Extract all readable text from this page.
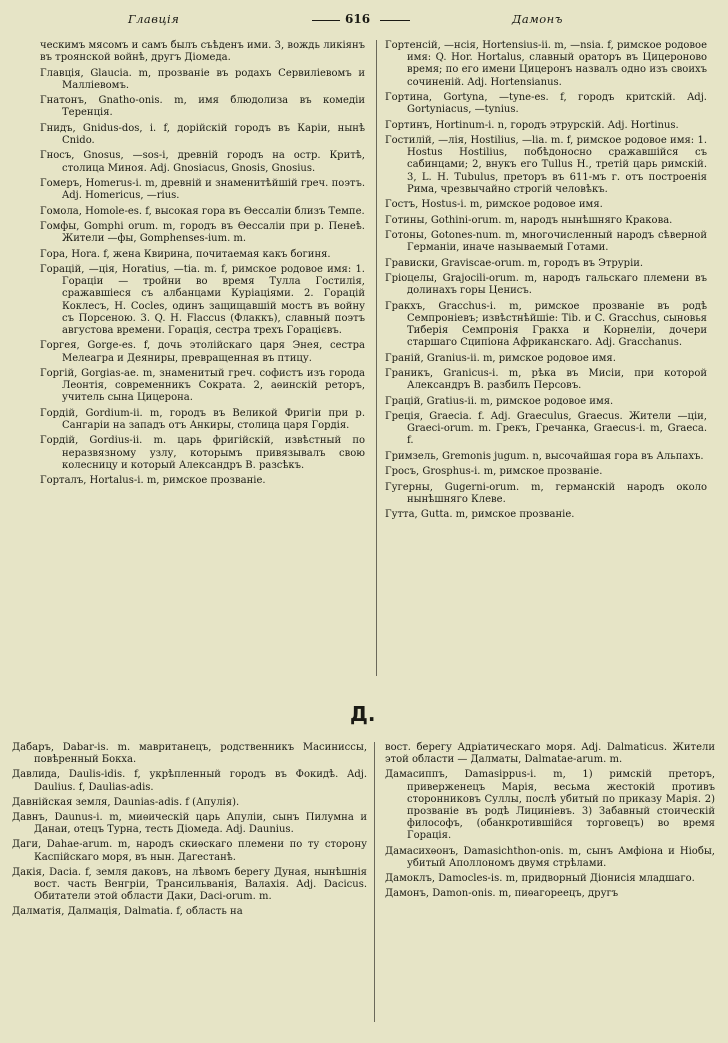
Главція	616	Дамонъ
ческимъ мясомъ и самъ былъ съѣденъ ими. 3, вождь ликіянъ въ троянской войнѣ, другъ Діомеда.
Главція, Glaucia. m, прозваніе въ родахъ Сервиліевомъ и Малліевомъ.
Гнатонъ, Gnatho-onis. m, имя блюдолиза въ комедіи Теренція.
Гнидъ, Gnidus-dos, i. f, дорійскій городъ въ Каріи, нынѣ Cnido.
Гносъ, Gnosus, —sos-i, древній городъ на остр. Критѣ, столица Миноя. Adj. Gnosiacus, Gnosis, Gnosius.
Гомеръ, Homerus-i. m, древній и знаменитѣйшій греч. поэтъ. Adj. Homericus, —rius.
Гомола, Homole-es. f, высокая гора въ Ѳессаліи близъ Темпе.
Гомфы, Gomphi orum. m, городъ въ Ѳессаліи при р. Пенеѣ. Жители —фы, Gomphenses-ium. m.
Гора, Hora. f, жена Квирина, почитаемая какъ богиня.
Горацій, —ція, Horatius, —tia. m. f, римское родовое имя: 1. Гораціи — тройни во время Тулла Гостилія, сражавшіеся съ албанцами Куріаціями. 2. Горацій Коклесъ, H. Cocles, одинъ защищавшій мостъ въ войну съ Порсеною. 3. Q. H. Flaccus (Флаккъ), славный поэтъ августова времени. Горація, сестра трехъ Горацієвъ.
Горгея, Gorge-es. f, дочь этолійскаго царя Энея, сестра Мелеагра и Деяниры, превращенная въ птицу.
Горгій, Gorgias-ae. m, знаменитый греч. софистъ изъ города Леонтія, современникъ Сократа. 2, аѳинскій реторъ, учитель сына Цицерона.
Гордій, Gordium-ii. m, городъ въ Великой Фригіи при р. Сангаріи на западъ отъ Анкиры, столица царя Гордія.
Гордій, Gordius-ii. m. царь фригійскій, извѣстный по неразвязному узлу, которымъ привязывалъ свою колесницу и который Александръ В. разсѣкъ.
Горталъ, Hortalus-i. m, римское прозваніе.
Гортенсій, —нсія, Hortensius-ii. m, —nsia. f, римское родовое имя: Q. Hor. Hortalus, славный ораторъ въ Цицероново время; по его имени Цицеронъ назвалъ одно изъ своихъ сочиненій. Adj. Hortensianus.
Гортина, Gortyna, —tyne-es. f, городъ критскій. Adj. Gortyniacus, —tynius.
Гортинъ, Hortinum-i. n, городъ этрурскій. Adj. Hortinus.
Гостилій, —лія, Hostilius, —lia. m. f, римское родовое имя: 1. Hostus Hostilius, побѣдоносно сражавшійся съ сабинцами; 2, внукъ его Tullus H., третій царь римскій. 3, L. H. Tubulus, преторъ въ 611-мъ г. отъ построенія Рима, чрезвычайно строгій человѣкъ.
Гостъ, Hostus-i. m, римское родовое имя.
Готины, Gothini-orum. m, народъ нынѣшняго Кракова.
Готоны, Gotones-num. m, многочисленный народъ сѣверной Германіи, иначе называемый Готами.
Грависки, Graviscae-orum. m, городъ въ Этруріи.
Гріоцелы, Grajocili-orum. m, народъ гальскаго племени въ долинахъ горы Ценисъ.
Гракхъ, Gracchus-i. m, римское прозваніе въ родѣ Семпроніевъ; извѣстнѣйшіе: Tib. и C. Gracchus, сыновья Тиберія Семпронія Гракха и Корнеліи, дочери старшаго Сципіона Африканскаго. Adj. Gracchanus.
Граній, Granius-ii. m, римское родовое имя.
Граникъ, Granicus-i. m, рѣка въ Мисіи, при которой Александръ В. разбилъ Персовъ.
Грацій, Gratius-ii. m, римское родовое имя.
Греція, Graecia. f. Adj. Graeculus, Graecus. Жители —ціи, Graeci-orum. m. Грекъ, Гречанка, Graecus-i. m, Graeca. f.
Гримзель, Gremonis jugum. n, высочайшая гора въ Альпахъ.
Гросъ, Grosphus-i. m, римское прозваніе.
Гугерны, Gugerni-orum. m, германскій народъ около нынѣшняго Клеве.
Гутта, Gutta. m, римское прозваніе.
Д.
Дабаръ, Dabar-is. m. мавританецъ, родственникъ Масиниссы, повѣренный Бокха.
Давлида, Daulis-idis. f, укрѣпленный городъ въ Фокидѣ. Adj. Daulius. f, Daulias-adis.
Давнійская земля, Daunias-adis. f (Апулія).
Давнъ, Daunus-i. m, миѳическій царь Апуліи, сынъ Пилумна и Данаи, отецъ Турна, тесть Діомеда. Adj. Daunius.
Даги, Dahae-arum. m, народъ скиѳскаго племени по ту сторону Каспійскаго моря, въ нын. Дагестанѣ.
Дакія, Dacia. f, земля даковъ, на лѣвомъ берегу Дуная, нынѣшнія вост. часть Венгріи, Трансильванія, Валахія. Adj. Dacicus. Обитатели этой области Даки, Daci-orum. m.
Далматія, Далмація, Dalmatia. f, область на
вост. берегу Адріатическаго моря. Adj. Dalmaticus. Жители этой области — Далматы, Dalmatae-arum. m.
Дамасиппъ, Damasippus-i. m, 1) римскій преторъ, приверженецъ Марія, весьма жестокій противъ сторонниковъ Суллы, послѣ убитый по приказу Марія. 2) прозваніе въ родѣ Лициніевъ. 3) Забавный стоическій философъ, (обанкротившійся торговецъ) во время Горація.
Дамасихѳонъ, Damasichthon-onis. m, сынъ Амфіона и Ніобы, убитый Аполлономъ двумя стрѣлами.
Дамоклъ, Damocles-is. m, придворный Діонисія младшаго.
Дамонъ, Damon-onis. m, пиѳагореецъ, другъ
